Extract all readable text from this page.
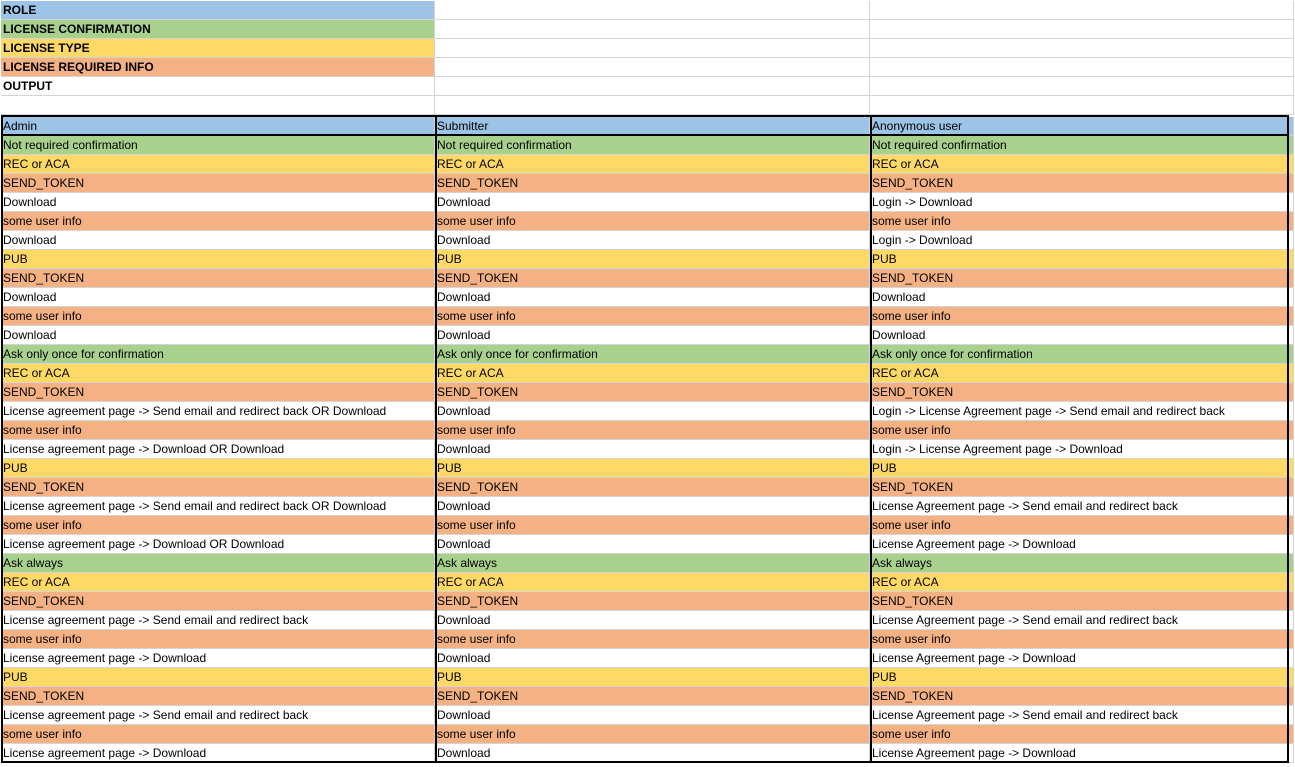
ROLE
LICENSE CONFIRMATION
LICENSE TYPE
LICENSE REQUIRED INFO
OUTPUT
Admin	Submitter	Anonymous user
Not required confirmation	Not required confirmation	Not required confirmation
REC or ACA	REC or ACA	REC or ACA
SEND_TOKEN	SEND_TOKEN	SEND_TOKEN
Download	Download	Login -> Download
some user info	some user info	some user info
Download	Download	Login -> Download
PUB	PUB	PUB
SEND_TOKEN	SEND_TOKEN	SEND_TOKEN
Download	Download	Download
some user info	some user info	some user info
Download	Download	Download
Ask only once for confirmation	Ask only once for confirmation	Ask only once for confirmation
REC or ACA	REC or ACA	REC or ACA
SEND_TOKEN	SEND_TOKEN	SEND_TOKEN
License agreement page -> Send email and redirect back OR Download	Download	Login -> License Agreement page -> Send email and redirect back
some user info	some user info	some user info
License agreement page -> Download OR Download	Download	Login -> License Agreement page -> Download
PUB	PUB	PUB
SEND_TOKEN	SEND_TOKEN	SEND_TOKEN
License agreement page -> Send email and redirect back OR Download	Download	License Agreement page -> Send email and redirect back
some user info	some user info	some user info
License agreement page -> Download OR Download	Download	License Agreement page -> Download
Ask always	Ask always	Ask always
REC or ACA	REC or ACA	REC or ACA
SEND_TOKEN	SEND_TOKEN	SEND_TOKEN
License agreement page -> Send email and redirect back	Download	License Agreement page -> Send email and redirect back
some user info	some user info	some user info
License agreement page -> Download	Download	License Agreement page -> Download
PUB	PUB	PUB
SEND_TOKEN	SEND_TOKEN	SEND_TOKEN
License agreement page -> Send email and redirect back	Download	License Agreement page -> Send email and redirect back
some user info	some user info	some user info
License agreement page -> Download	Download	License Agreement page -> Download
